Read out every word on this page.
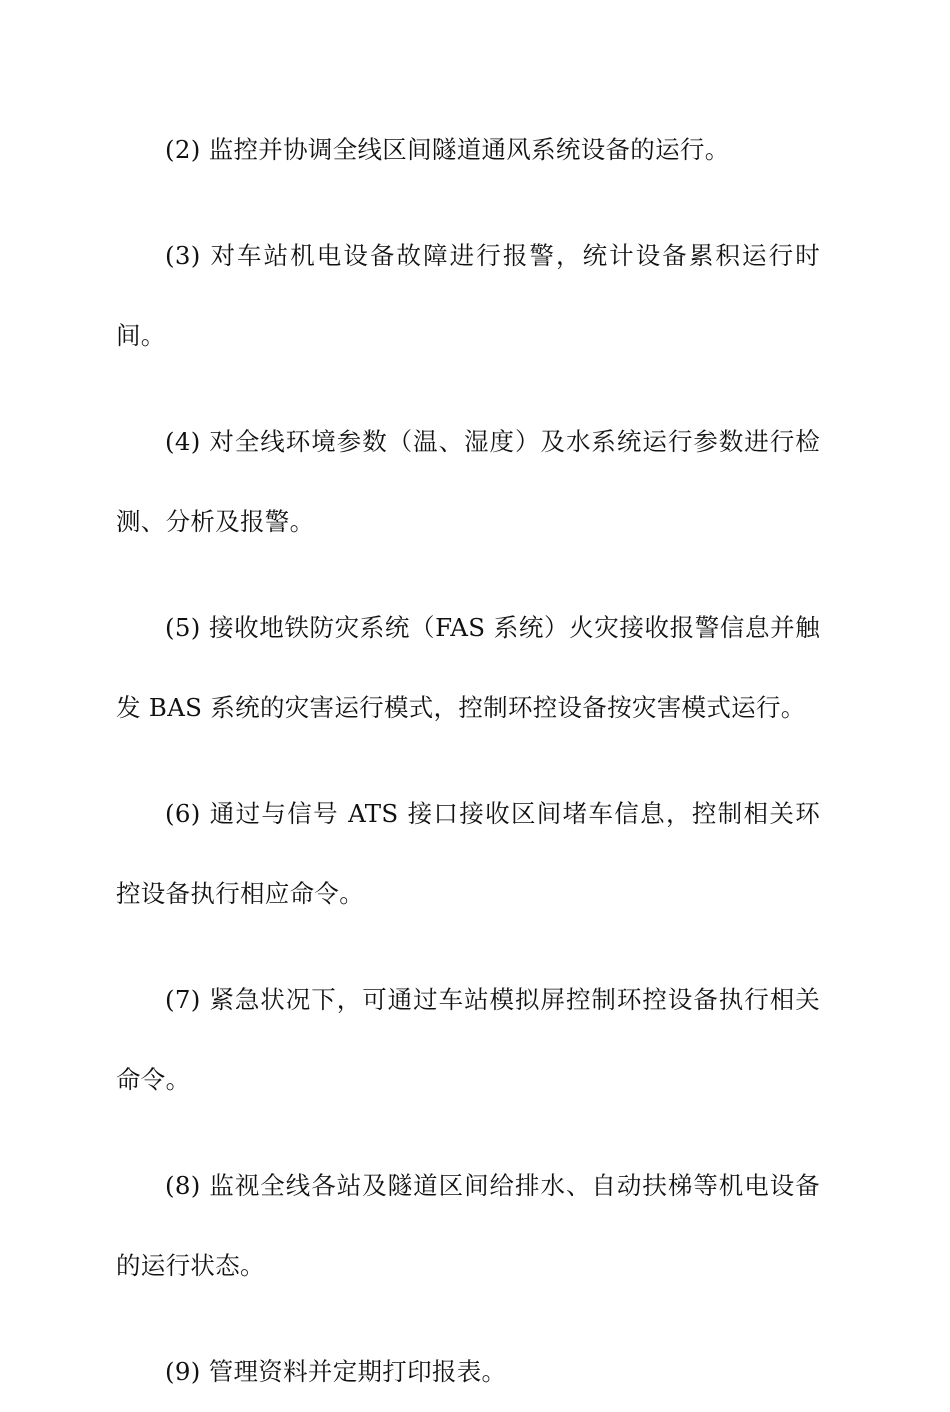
(2) 监控并协调全线区间隧道通风系统设备的运行。

(3) 对车站机电设备故障进行报警，统计设备累积运行时间。

(4) 对全线环境参数（温、湿度）及水系统运行参数进行检测、分析及报警。

(5) 接收地铁防灾系统（FAS 系统）火灾接收报警信息并触发 BAS 系统的灾害运行模式，控制环控设备按灾害模式运行。

(6) 通过与信号 ATS 接口接收区间堵车信息，控制相关环控设备执行相应命令。

(7) 紧急状况下，可通过车站模拟屏控制环控设备执行相关命令。

(8) 监视全线各站及隧道区间给排水、自动扶梯等机电设备的运行状态。

(9) 管理资料并定期打印报表。
